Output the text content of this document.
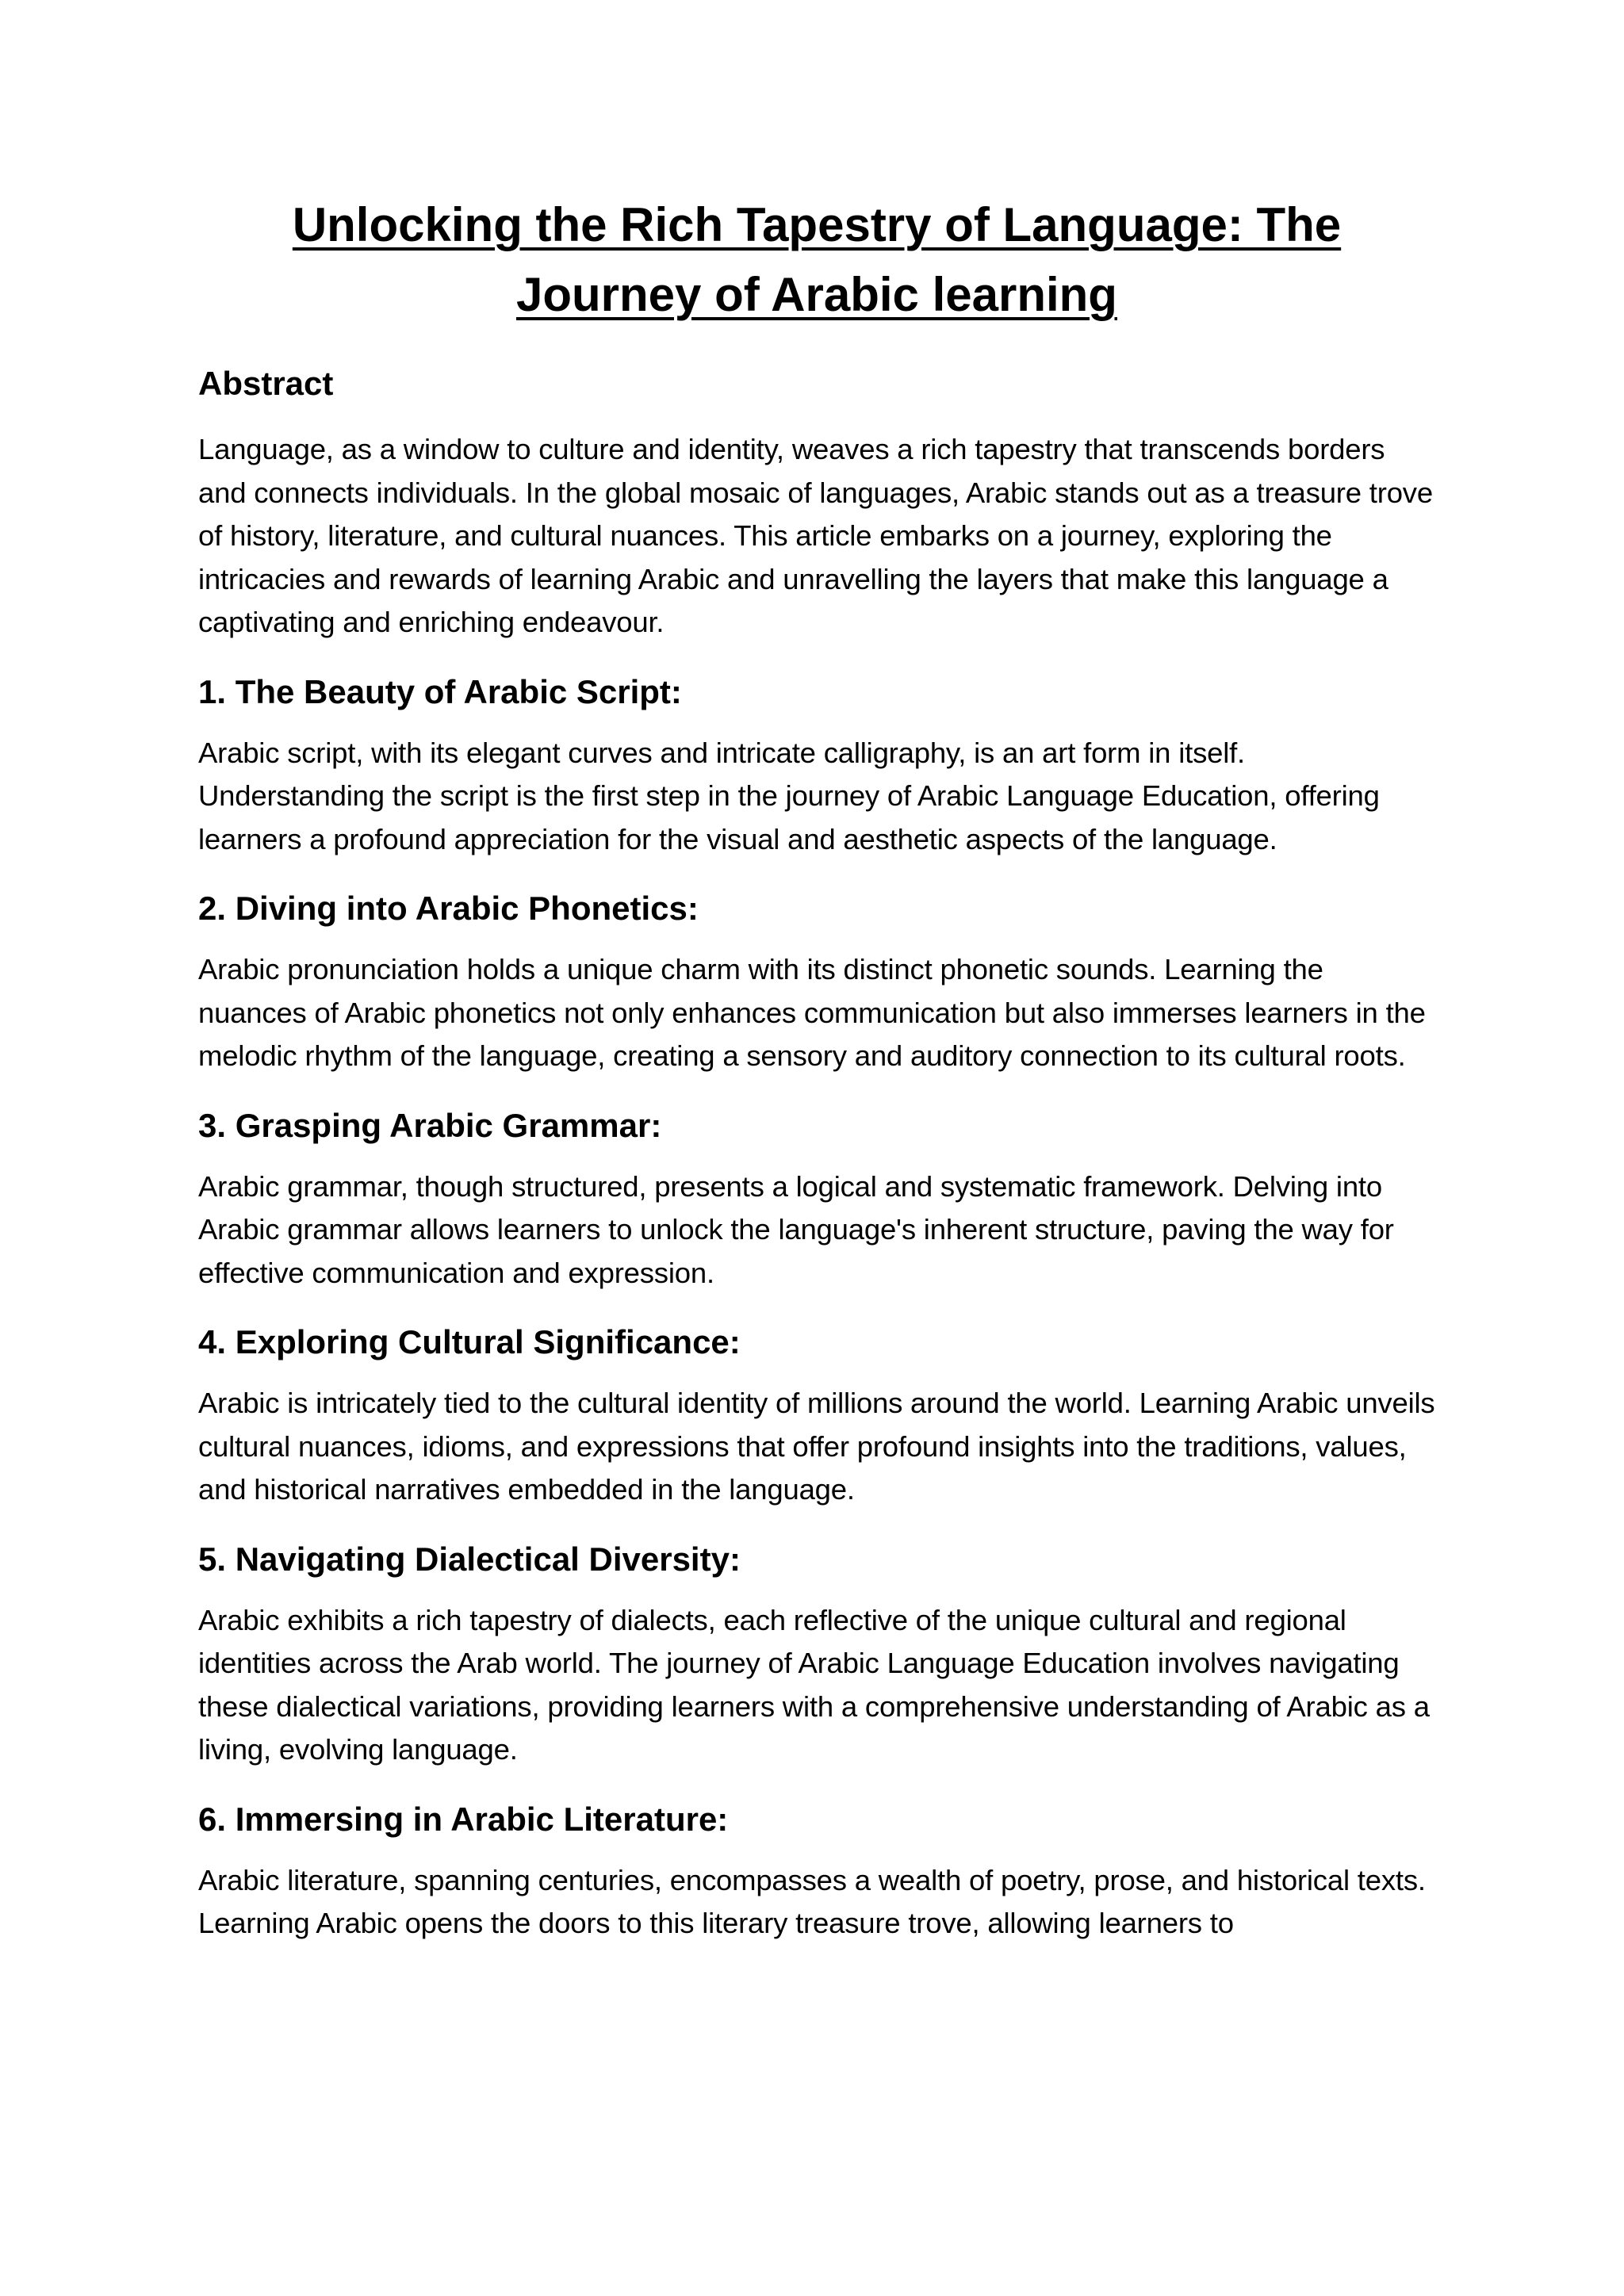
Unlocking the Rich Tapestry of Language: The Journey of Arabic learning
Abstract

Language, as a window to culture and identity, weaves a rich tapestry that transcends borders and connects individuals. In the global mosaic of languages, Arabic stands out as a treasure trove of history, literature, and cultural nuances. This article embarks on a journey, exploring the intricacies and rewards of learning Arabic and unravelling the layers that make this language a captivating and enriching endeavour.

1. The Beauty of Arabic Script:

Arabic script, with its elegant curves and intricate calligraphy, is an art form in itself. Understanding the script is the first step in the journey of Arabic Language Education, offering learners a profound appreciation for the visual and aesthetic aspects of the language.

2. Diving into Arabic Phonetics:

Arabic pronunciation holds a unique charm with its distinct phonetic sounds. Learning the nuances of Arabic phonetics not only enhances communication but also immerses learners in the melodic rhythm of the language, creating a sensory and auditory connection to its cultural roots.

3. Grasping Arabic Grammar:

Arabic grammar, though structured, presents a logical and systematic framework. Delving into Arabic grammar allows learners to unlock the language's inherent structure, paving the way for effective communication and expression.

4. Exploring Cultural Significance:

Arabic is intricately tied to the cultural identity of millions around the world. Learning Arabic unveils cultural nuances, idioms, and expressions that offer profound insights into the traditions, values, and historical narratives embedded in the language.

5. Navigating Dialectical Diversity:

Arabic exhibits a rich tapestry of dialects, each reflective of the unique cultural and regional identities across the Arab world. The journey of Arabic Language Education involves navigating these dialectical variations, providing learners with a comprehensive understanding of Arabic as a living, evolving language.

6. Immersing in Arabic Literature:

Arabic literature, spanning centuries, encompasses a wealth of poetry, prose, and historical texts. Learning Arabic opens the doors to this literary treasure trove, allowing learners to
